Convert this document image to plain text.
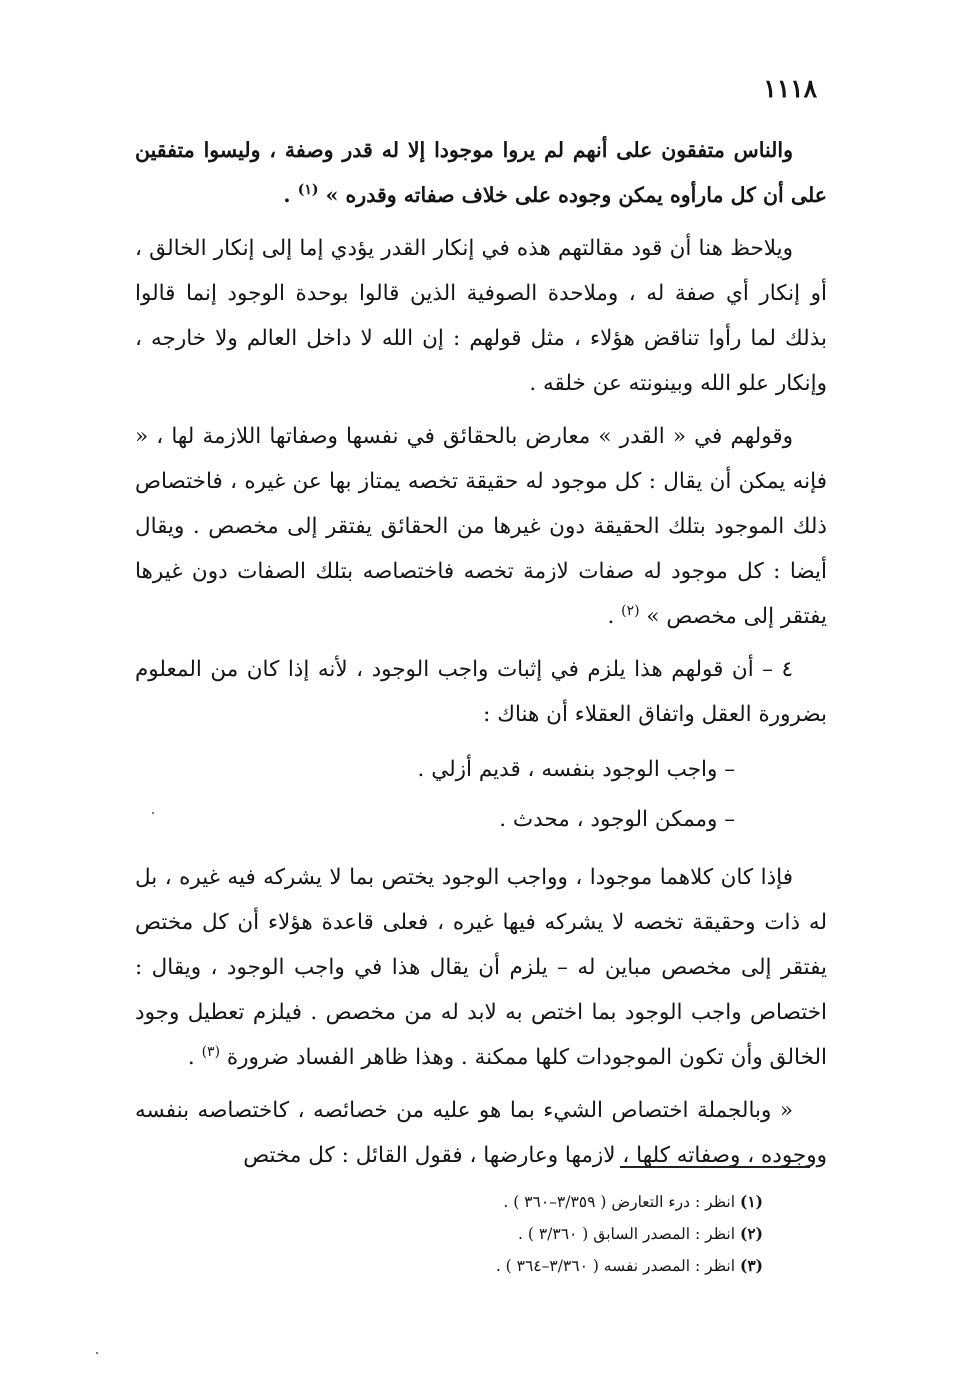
١١١٨

والناس متفقون على أنهم لم يروا موجودا إلا له قدر وصفة ، وليسوا متفقين على أن كل مارأوه يمكن وجوده على خلاف صفاته وقدره » $^{(١)}$ .

ويلاحظ هنا أن قود مقالتهم هذه في إنكار القدر يؤدي إما إلى إنكار الخالق ، أو إنكار أي صفة له ، وملاحدة الصوفية الذين قالوا بوحدة الوجود إنما قالوا بذلك لما رأوا تناقض هؤلاء ، مثل قولهم : إن الله لا داخل العالم ولا خارجه ، وإنكار علو الله وبينونته عن خلقه .

وقولهم في « القدر » معارض بالحقائق في نفسها وصفاتها اللازمة لها ، « فإنه يمكن أن يقال : كل موجود له حقيقة تخصه يمتاز بها عن غيره ، فاختصاص ذلك الموجود بتلك الحقيقة دون غيرها من الحقائق يفتقر إلى مخصص . ويقال أيضا : كل موجود له صفات لازمة تخصه فاختصاصه بتلك الصفات دون غيرها يفتقر إلى مخصص » $^{(٢)}$ .

٤ – أن قولهم هذا يلزم في إثبات واجب الوجود ، لأنه إذا كان من المعلوم بضرورة العقل واتفاق العقلاء أن هناك :

– واجب الوجود بنفسه ، قديم أزلي .

– وممكن الوجود ، محدث .

فإذا كان كلاهما موجودا ، وواجب الوجود يختص بما لا يشركه فيه غيره ، بل له ذات وحقيقة تخصه لا يشركه فيها غيره ، فعلى قاعدة هؤلاء أن كل مختص يفتقر إلى مخصص مباين له – يلزم أن يقال هذا في واجب الوجود ، ويقال : اختصاص واجب الوجود بما اختص به لابد له من مخصص . فيلزم تعطيل وجود الخالق وأن تكون الموجودات كلها ممكنة . وهذا ظاهر الفساد ضرورة $^{(٣)}$ .

« وبالجملة اختصاص الشيء بما هو عليه من خصائصه ، كاختصاصه بنفسه ووجوده ، وصفاته كلها ، لازمها وعارضها ، فقول القائل : كل مختص

(١) انظر : درء التعارض ( ٣/٣٥٩–٣٦٠ ) .

(٢) انظر : المصدر السابق ( ٣/٣٦٠ ) .

(٣) انظر : المصدر نفسه ( ٣/٣٦٠–٣٦٤ ) .
